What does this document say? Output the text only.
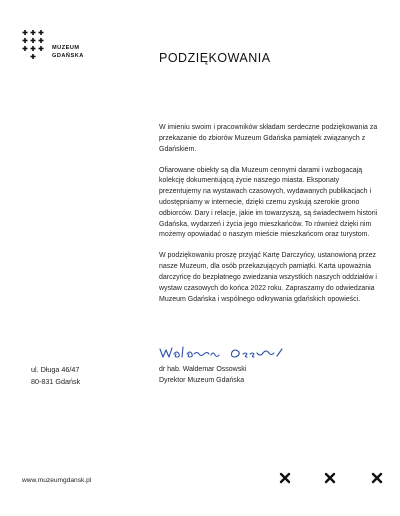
MUZEUM
GDAŃSKA	PODZIĘKOWANIA

W imieniu swoim i pracowników składam serdeczne podziękowania za przekazanie do zbiorów Muzeum Gdańska pamiątek związanych z Gdańskiem.

Ofiarowane obiekty są dla Muzeum cennymi darami i wzbogacają kolekcję dokumentującą życie naszego miasta. Eksponaty prezentujemy na wystawach czasowych, wydawanych publikacjach i udostępniamy w internecie, dzięki czemu zyskują szerokie grono odbiorców. Dary i relacje, jakie im towarzyszą, są świadectwem historii Gdańska, wydarzeń i życia jego mieszkańców. To również dzięki nim możemy opowiadać o naszym mieście mieszkańcom oraz turystom.

W podziękowaniu proszę przyjąć Kartę Darczyńcy, ustanowioną przez nasze Muzeum, dla osób przekazujących pamiątki. Karta upoważnia darczyńcę do bezpłatnego zwiedzania wszystkich naszych oddziałów i wystaw czasowych do końca 2022 roku. Zapraszamy do odwiedzania Muzeum Gdańska i wspólnego odkrywania gdańskich opowieści.

dr hab. Waldemar Ossowski
Dyrektor Muzeum Gdańska
ul. Długa 46/47
80-831 Gdańsk
www.muzeumgdansk.pl
